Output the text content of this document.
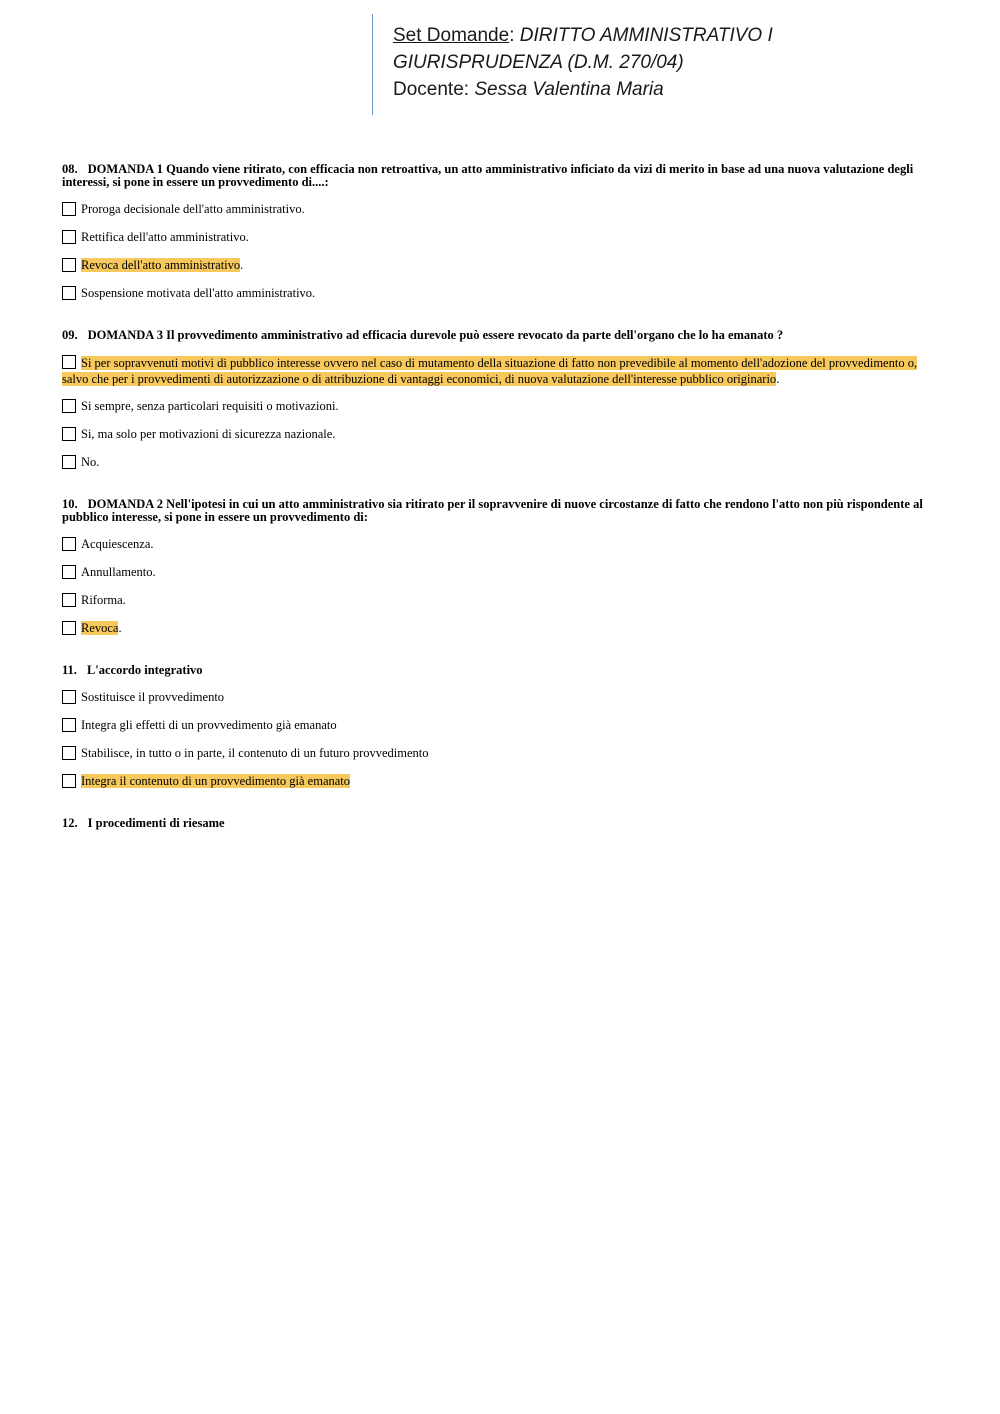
Set Domande: DIRITTO AMMINISTRATIVO I
GIURISPRUDENZA (D.M. 270/04)
Docente: Sessa Valentina Maria
08. DOMANDA 1 Quando viene ritirato, con efficacia non retroattiva, un atto amministrativo inficiato da vizi di merito in base ad una nuova valutazione degli interessi, si pone in essere un provvedimento di....:
Proroga decisionale dell'atto amministrativo.
Rettifica dell'atto amministrativo.
Revoca dell'atto amministrativo.
Sospensione motivata dell'atto amministrativo.
09. DOMANDA 3 Il provvedimento amministrativo ad efficacia durevole può essere revocato da parte dell'organo che lo ha emanato ?
Si per sopravvenuti motivi di pubblico interesse ovvero nel caso di mutamento della situazione di fatto non prevedibile al momento dell'adozione del provvedimento o, salvo che per i provvedimenti di autorizzazione o di attribuzione di vantaggi economici, di nuova valutazione dell'interesse pubblico originario.
Si sempre, senza particolari requisiti o motivazioni.
Si, ma solo per motivazioni di sicurezza nazionale.
No.
10. DOMANDA 2 Nell'ipotesi in cui un atto amministrativo sia ritirato per il sopravvenire di nuove circostanze di fatto che rendono l'atto non più rispondente al pubblico interesse, si pone in essere un provvedimento di:
Acquiescenza.
Annullamento.
Riforma.
Revoca.
11. L'accordo integrativo
Sostituisce il provvedimento
Integra gli effetti di un provvedimento già emanato
Stabilisce, in tutto o in parte, il contenuto di un futuro provvedimento
Integra il contenuto di un provvedimento già emanato
12. I procedimenti di riesame
